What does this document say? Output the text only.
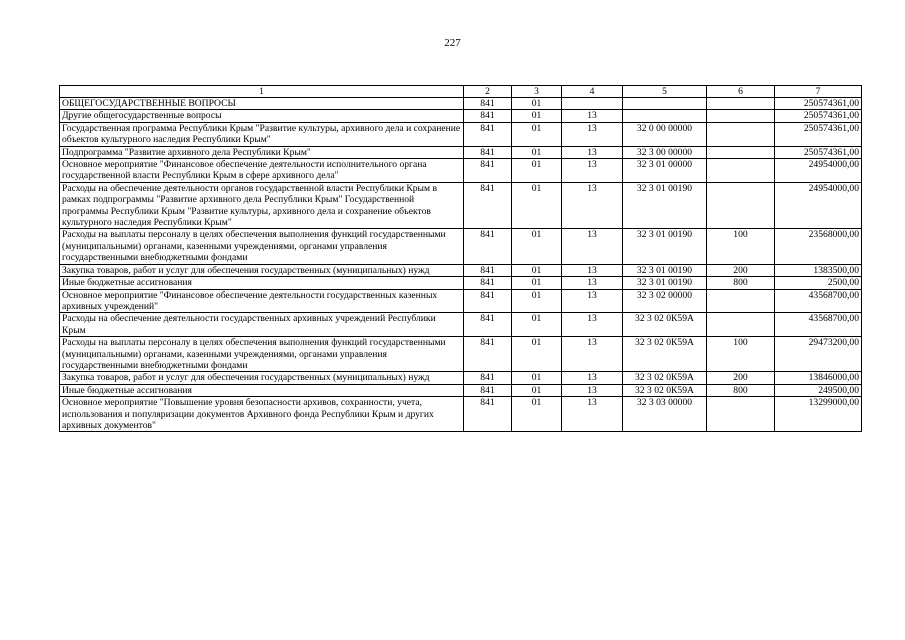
227
1	2	3	4	5	6	7
ОБЩЕГОСУДАРСТВЕННЫЕ ВОПРОСЫ	841	01				250574361,00
Другие общегосударственные вопросы	841	01	13			250574361,00
Государственная программа Республики Крым "Развитие культуры, архивного дела и сохранение объектов культурного наследия Республики Крым"	841	01	13	32 0 00 00000		250574361,00
Подпрограмма "Развитие архивного дела Республики Крым"	841	01	13	32 3 00 00000		250574361,00
Основное мероприятие "Финансовое обеспечение деятельности исполнительного органа государственной власти Республики Крым в сфере архивного дела"	841	01	13	32 3 01 00000		24954000,00
Расходы на обеспечение деятельности органов государственной власти Республики Крым в рамках подпрограммы "Развитие архивного дела Республики Крым" Государственной программы Республики Крым "Развитие культуры, архивного дела и сохранение объектов культурного наследия Республики Крым"	841	01	13	32 3 01 00190		24954000,00
Расходы на выплаты персоналу в целях обеспечения выполнения функций государственными (муниципальными) органами, казенными учреждениями, органами управления государственными внебюджетными фондами	841	01	13	32 3 01 00190	100	23568000,00
Закупка товаров, работ и услуг для обеспечения государственных (муниципальных) нужд	841	01	13	32 3 01 00190	200	1383500,00
Иные бюджетные ассигнования	841	01	13	32 3 01 00190	800	2500,00
Основное мероприятие "Финансовое обеспечение деятельности государственных казенных архивных учреждений"	841	01	13	32 3 02 00000		43568700,00
Расходы на обеспечение деятельности государственных архивных учреждений Республики Крым	841	01	13	32 3 02 0К59А		43568700,00
Расходы на выплаты персоналу в целях обеспечения выполнения функций государственными (муниципальными) органами, казенными учреждениями, органами управления государственными внебюджетными фондами	841	01	13	32 3 02 0К59А	100	29473200,00
Закупка товаров, работ и услуг для обеспечения государственных (муниципальных) нужд	841	01	13	32 3 02 0К59А	200	13846000,00
Иные бюджетные ассигнования	841	01	13	32 3 02 0К59А	800	249500,00
Основное мероприятие "Повышение уровня безопасности архивов, сохранности, учета, использования и популяризации документов Архивного фонда Республики Крым и других архивных документов"	841	01	13	32 3 03 00000		13299000,00
